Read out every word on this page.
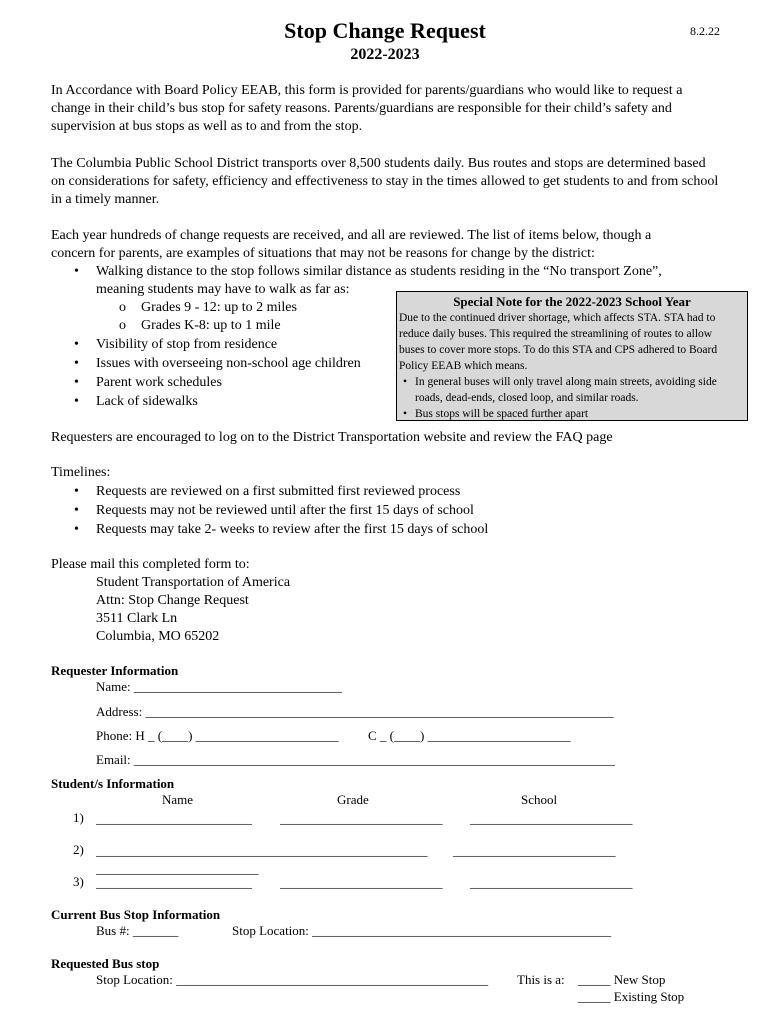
Stop Change Request
2022-2023
8.2.22
In Accordance with Board Policy EEAB, this form is provided for parents/guardians who would like to request a change in their child’s bus stop for safety reasons. Parents/guardians are responsible for their child’s safety and supervision at bus stops as well as to and from the stop.
The Columbia Public School District transports over 8,500 students daily. Bus routes and stops are determined based on considerations for safety, efficiency and effectiveness to stay in the times allowed to get students to and from school in a timely manner.
Each year hundreds of change requests are received, and all are reviewed. The list of items below, though a
concern for parents, are examples of situations that may not be reasons for change by the district:
• Walking distance to the stop follows similar distance as students residing in the “No transport Zone”,
meaning students may have to walk as far as:
o Grades 9 - 12: up to 2 miles
o Grades K-8: up to 1 mile
• Visibility of stop from residence
• Issues with overseeing non-school age children
• Parent work schedules
• Lack of sidewalks
Special Note for the 2022-2023 School Year
Due to the continued driver shortage, which affects STA. STA had to
reduce daily buses. This required the streamlining of routes to allow
buses to cover more stops. To do this STA and CPS adhered to Board
Policy EEAB which means.
• In general buses will only travel along main streets, avoiding side
roads, dead-ends, closed loop, and similar roads.
• Bus stops will be spaced further apart
Requesters are encouraged to log on to the District Transportation website and review the FAQ page
Timelines:
• Requests are reviewed on a first submitted first reviewed process
• Requests may not be reviewed until after the first 15 days of school
• Requests may take 2- weeks to review after the first 15 days of school
Please mail this completed form to:
Student Transportation of America
Attn: Stop Change Request
3511 Clark Ln
Columbia, MO 65202
Requester Information
Name: ________________________________
Address: ________________________________________________________________________
Phone: H _ (____) ______________________ C _ (____) ______________________
Email: __________________________________________________________________________
Student/s Information
Name	Grade	School
1) ________________________ _________________________ _________________________
2) ___________________________________________________ _________________________
_________________________
3) ________________________ _________________________ _________________________
Current Bus Stop Information
Bus #: _______	Stop Location: ______________________________________________
Requested Bus stop
Stop Location: ________________________________________________ This is a: _____ New Stop
_____ Existing Stop
